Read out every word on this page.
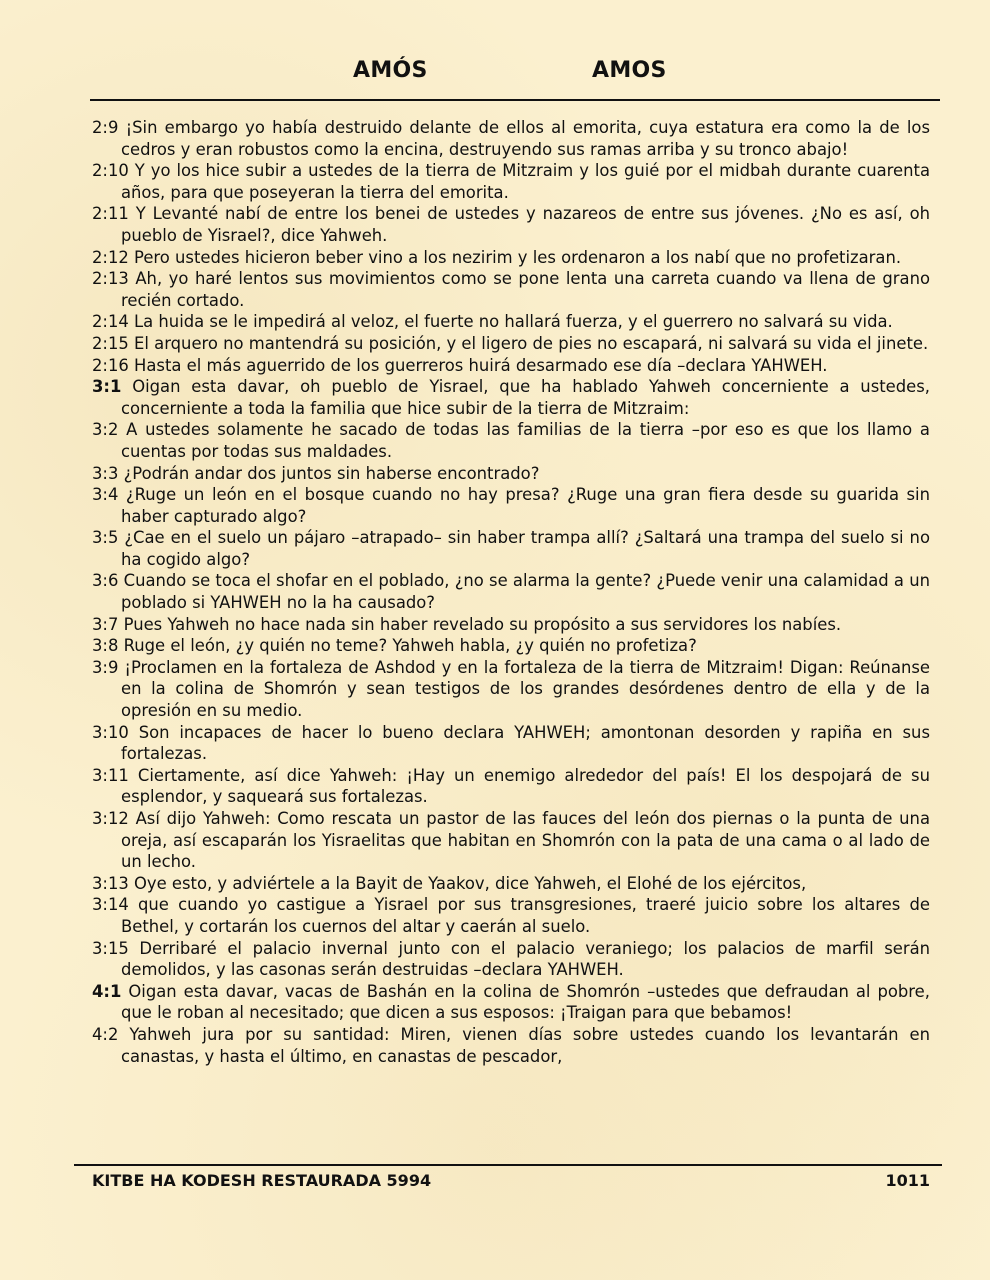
AMÓS	AMOS

2:9 ¡Sin embargo yo había destruido delante de ellos al emorita, cuya estatura era como la de los cedros y eran robustos como la encina, destruyendo sus ramas arriba y su tronco abajo!

2:10 Y yo los hice subir a ustedes de la tierra de Mitzraim y los guié por el midbah durante cuarenta años, para que poseyeran la tierra del emorita.

2:11 Y Levanté nabí de entre los benei de ustedes y nazareos de entre sus jóvenes. ¿No es así, oh pueblo de Yisrael?, dice Yahweh.

2:12 Pero ustedes hicieron beber vino a los nezirim y les ordenaron a los nabí que no profetizaran.

2:13 Ah, yo haré lentos sus movimientos como se pone lenta una carreta cuando va llena de grano recién cortado.

2:14 La huida se le impedirá al veloz, el fuerte no hallará fuerza, y el guerrero no salvará su vida.

2:15 El arquero no mantendrá su posición, y el ligero de pies no escapará, ni salvará su vida el jinete.

2:16 Hasta el más aguerrido de los guerreros huirá desarmado ese día –declara YAHWEH.

3:1 Oigan esta davar, oh pueblo de Yisrael, que ha hablado Yahweh concerniente a ustedes, concerniente a toda la familia que hice subir de la tierra de Mitzraim:

3:2 A ustedes solamente he sacado de todas las familias de la tierra –por eso es que los llamo a cuentas por todas sus maldades.

3:3 ¿Podrán andar dos juntos sin haberse encontrado?

3:4 ¿Ruge un león en el bosque cuando no hay presa? ¿Ruge una gran fiera desde su guarida sin haber capturado algo?

3:5 ¿Cae en el suelo un pájaro –atrapado– sin haber trampa allí? ¿Saltará una trampa del suelo si no ha cogido algo?

3:6 Cuando se toca el shofar en el poblado, ¿no se alarma la gente? ¿Puede venir una calamidad a un poblado si YAHWEH no la ha causado?

3:7 Pues Yahweh no hace nada sin haber revelado su propósito a sus servidores los nabíes.

3:8 Ruge el león, ¿y quién no teme? Yahweh habla, ¿y quién no profetiza?

3:9 ¡Proclamen en la fortaleza de Ashdod y en la fortaleza de la tierra de Mitzraim! Digan: Reúnanse en la colina de Shomrón y sean testigos de los grandes desórdenes dentro de ella y de la opresión en su medio.

3:10 Son incapaces de hacer lo bueno declara YAHWEH; amontonan desorden y rapiña en sus fortalezas.

3:11 Ciertamente, así dice Yahweh: ¡Hay un enemigo alrededor del país! El los despojará de su esplendor, y saqueará sus fortalezas.

3:12 Así dijo Yahweh: Como rescata un pastor de las fauces del león dos piernas o la punta de una oreja, así escaparán los Yisraelitas que habitan en Shomrón con la pata de una cama o al lado de un lecho.

3:13 Oye esto, y adviértele a la Bayit de Yaakov, dice Yahweh, el Elohé de los ejércitos,

3:14 que cuando yo castigue a Yisrael por sus transgresiones, traeré juicio sobre los altares de Bethel, y cortarán los cuernos del altar y caerán al suelo.

3:15 Derribaré el palacio invernal junto con el palacio veraniego; los palacios de marfil serán demolidos, y las casonas serán destruidas –declara YAHWEH.

4:1 Oigan esta davar, vacas de Bashán en la colina de Shomrón –ustedes que defraudan al pobre, que le roban al necesitado; que dicen a sus esposos: ¡Traigan para que bebamos!

4:2 Yahweh jura por su santidad: Miren, vienen días sobre ustedes cuando los levantarán en canastas, y hasta el último, en canastas de pescador,

KITBE HA KODESH RESTAURADA 5994	1011
